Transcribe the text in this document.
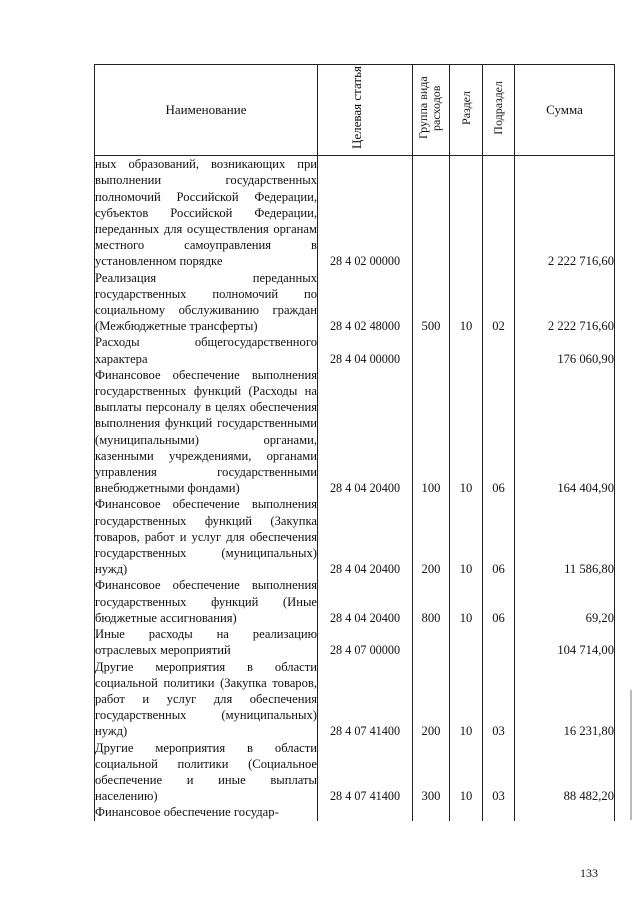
Наименование	Целевая статья	Группа вида расходов	Раздел	Подраздел	Сумма
ных образований, возникающих при выполнении государственных полномочий Российской Федерации, субъектов Российской Федерации, переданных для осуществления органам местного самоуправления в установленном порядке	28 4 02 00000				2 222 716,60
Реализация переданных государственных полномочий по социальному обслуживанию граждан (Межбюджетные трансферты)	28 4 02 48000	500	10	02	2 222 716,60
Расходы общегосударственного характера	28 4 04 00000				176 060,90
Финансовое обеспечение выполнения государственных функций (Расходы на выплаты персоналу в целях обеспечения выполнения функций государственными (муниципальными) органами, казенными учреждениями, органами управления государственными внебюджетными фондами)	28 4 04 20400	100	10	06	164 404,90
Финансовое обеспечение выполнения государственных функций (Закупка товаров, работ и услуг для обеспечения государственных (муниципальных) нужд)	28 4 04 20400	200	10	06	11 586,80
Финансовое обеспечение выполнения государственных функций (Иные бюджетные ассигнования)	28 4 04 20400	800	10	06	69,20
Иные расходы на реализацию отраслевых мероприятий	28 4 07 00000				104 714,00
Другие мероприятия в области социальной политики (Закупка товаров, работ и услуг для обеспечения государственных (муниципальных) нужд)	28 4 07 41400	200	10	03	16 231,80
Другие мероприятия в области социальной политики (Социальное обеспечение и иные выплаты населению)	28 4 07 41400	300	10	03	88 482,20
Финансовое обеспечение государ-					
133
